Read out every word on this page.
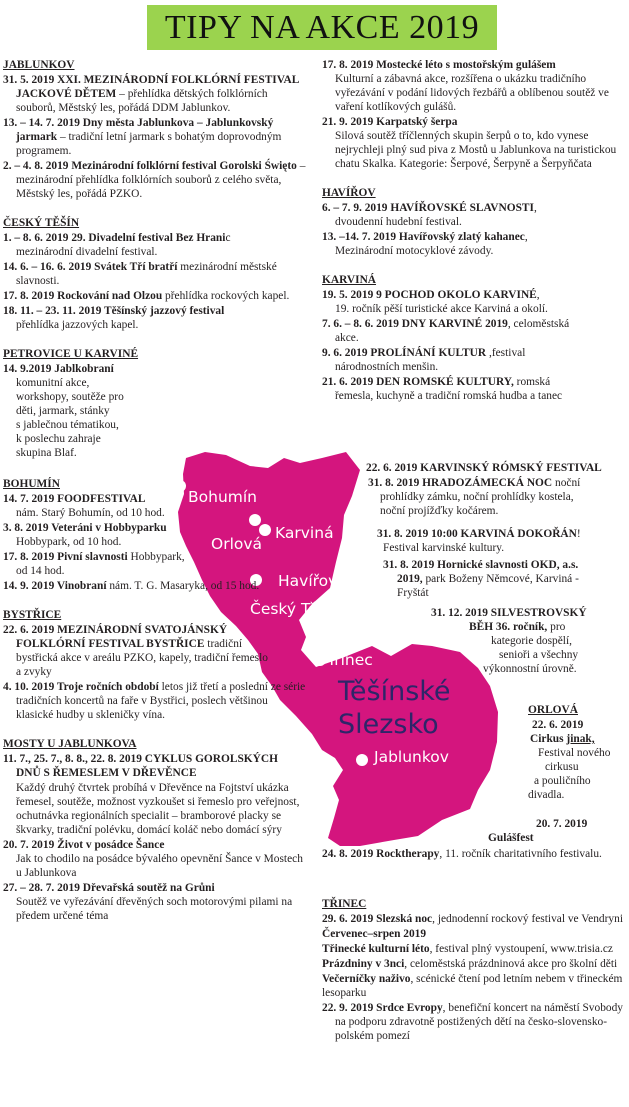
TIPY NA AKCE 2019
Bohumín
Orlová
Karviná
Havířov
Český Těšín
Třinec
Těšínské
Slezsko
Jablunkov
JABLUNKOV
31. 5. 2019 XXI. MEZINÁRODNÍ FOLKLÓRNÍ FESTIVAL JACKOVÉ DĚTEM – přehlídka dětských folklórních souborů, Městský les, pořádá DDM Jablunkov.
13. – 14. 7. 2019 Dny města Jablunkova – Jablunkovský jarmark – tradiční letní jarmark s bohatým doprovodným programem.
2. – 4. 8. 2019 Mezinárodní folklórní festival Gorolski Święto – mezinárodní přehlídka folklórních souborů z celého světa, Městský les, pořádá PZKO.
ČESKÝ TĚŠÍN
1. – 8. 6. 2019 29. Divadelní festival Bez Hranic
mezinárodní divadelní festival.
14. 6. – 16. 6. 2019 Svátek Tří bratří mezinárodní městské slavnosti.
17. 8. 2019 Rockování nad Olzou přehlídka rockových kapel.
18. 11. – 23. 11. 2019 Těšínský jazzový festival
přehlídka jazzových kapel.
PETROVICE U KARVINÉ
14. 9.2019 Jablkobraní
komunitní akce,
workshopy, soutěže pro
děti, jarmark, stánky
s jablečnou tématikou,
k poslechu zahraje
skupina Blaf.
BOHUMÍN
14. 7. 2019 FOODFESTIVAL
nám. Starý Bohumín, od 10 hod.
3. 8. 2019 Veteráni v Hobbyparku
Hobbypark, od 10 hod.
17. 8. 2019 Pivní slavnosti Hobbypark,
od 14 hod.
14. 9. 2019 Vinobraní nám. T. G. Masaryka, od 15 hod.
BYSTŘICE
22. 6. 2019 MEZINÁRODNÍ SVATOJÁNSKÝ FOLKLÓRNÍ FESTIVAL BYSTŘICE tradiční bystřická akce v areálu PZKO, kapely, tradiční řemeslo a zvyky
4. 10. 2019 Troje ročních období letos již třetí a poslední ze série tradičních koncertů na faře v Bystřici, poslech většinou klasické hudby u skleničky vína.
MOSTY U JABLUNKOVA
11. 7., 25. 7., 8. 8., 22. 8. 2019 CYKLUS GOROLSKÝCH DNŮ S ŘEMESLEM V DŘEVĚNCE
Každý druhý čtvrtek probíhá v Dřevěnce na Fojtství ukázka řemesel, soutěže, možnost vyzkoušet si řemeslo pro veřejnost, ochutnávka regionálních specialit – bramborové placky se škvarky, tradiční polévku, domácí koláč nebo domácí sýry
20. 7. 2019 Život v posádce Šance
Jak to chodilo na posádce bývalého opevnění Šance v Mostech u Jablunkova
27. – 28. 7. 2019 Dřevařská soutěž na Grůni
Soutěž ve vyřezávání dřevěných soch motorovými pilami na předem určené téma
17. 8. 2019 Mostecké léto s mostořským gulášem
Kulturní a zábavná akce, rozšířena o ukázku tradičního vyřezávání v podání lidových řezbářů a oblíbenou soutěž ve vaření kotlíkových gulášů.
21. 9. 2019 Karpatský šerpa
Silová soutěž tříčlenných skupin šerpů o to, kdo vynese nejrychleji plný sud piva z Mostů u Jablunkova na turistickou chatu Skalka. Kategorie: Šerpové, Šerpyně a Šerpyňčata
HAVÍŘOV
6. – 7. 9. 2019 HAVÍŘOVSKÉ SLAVNOSTI,
dvoudenní hudební festival.
13. –14. 7. 2019 Havířovský zlatý kahanec,
Mezinárodní motocyklové závody.
KARVINÁ
19. 5. 2019 9 POCHOD OKOLO KARVINÉ,
19. ročník pěší turistické akce Karviná a okolí.
7. 6. – 8. 6. 2019 DNY KARVINÉ 2019, celoměstská
akce.
9. 6. 2019 PROLÍNÁNÍ KULTUR ,festival
národnostních menšin.
21. 6. 2019 DEN ROMSKÉ KULTURY, romská
řemesla, kuchyně a tradiční romská hudba a tanec
22. 6. 2019 KARVINSKÝ RÓMSKÝ FESTIVAL
31. 8. 2019 HRADOZÁMECKÁ NOC noční
prohlídky zámku, noční prohlídky kostela,
noční projížďky kočárem.
31. 8. 2019 10:00 KARVINÁ DOKOŘÁN!
Festival karvinské kultury.
31. 8. 2019 Hornické slavnosti OKD, a.s.
2019, park Boženy Němcové, Karviná -
Fryštát
31. 12. 2019 SILVESTROVSKÝ
BĚH 36. ročník, pro
kategorie dospělí,
senioři a všechny
výkonnostní úrovně.
ORLOVÁ
22. 6. 2019
Cirkus jinak,
Festival nového
cirkusu
a pouličního
divadla.
20. 7. 2019
Gulášfest
24. 8. 2019 Rocktherapy, 11. ročník charitativního festivalu.
TŘINEC
29. 6. 2019 Slezská noc, jednodenní rockový festival ve Vendryni
Červenec–srpen 2019
Třinecké kulturní léto, festival plný vystoupení, www.trisia.cz
Prázdniny v 3nci, celoměstská prázdninová akce pro školní děti
Večerníčky naživo, scénické čtení pod letním nebem v třineckém lesoparku
22. 9. 2019 Srdce Evropy, benefiční koncert na náměstí Svobody na podporu zdravotně postižených dětí na česko-slovensko-polském pomezí
